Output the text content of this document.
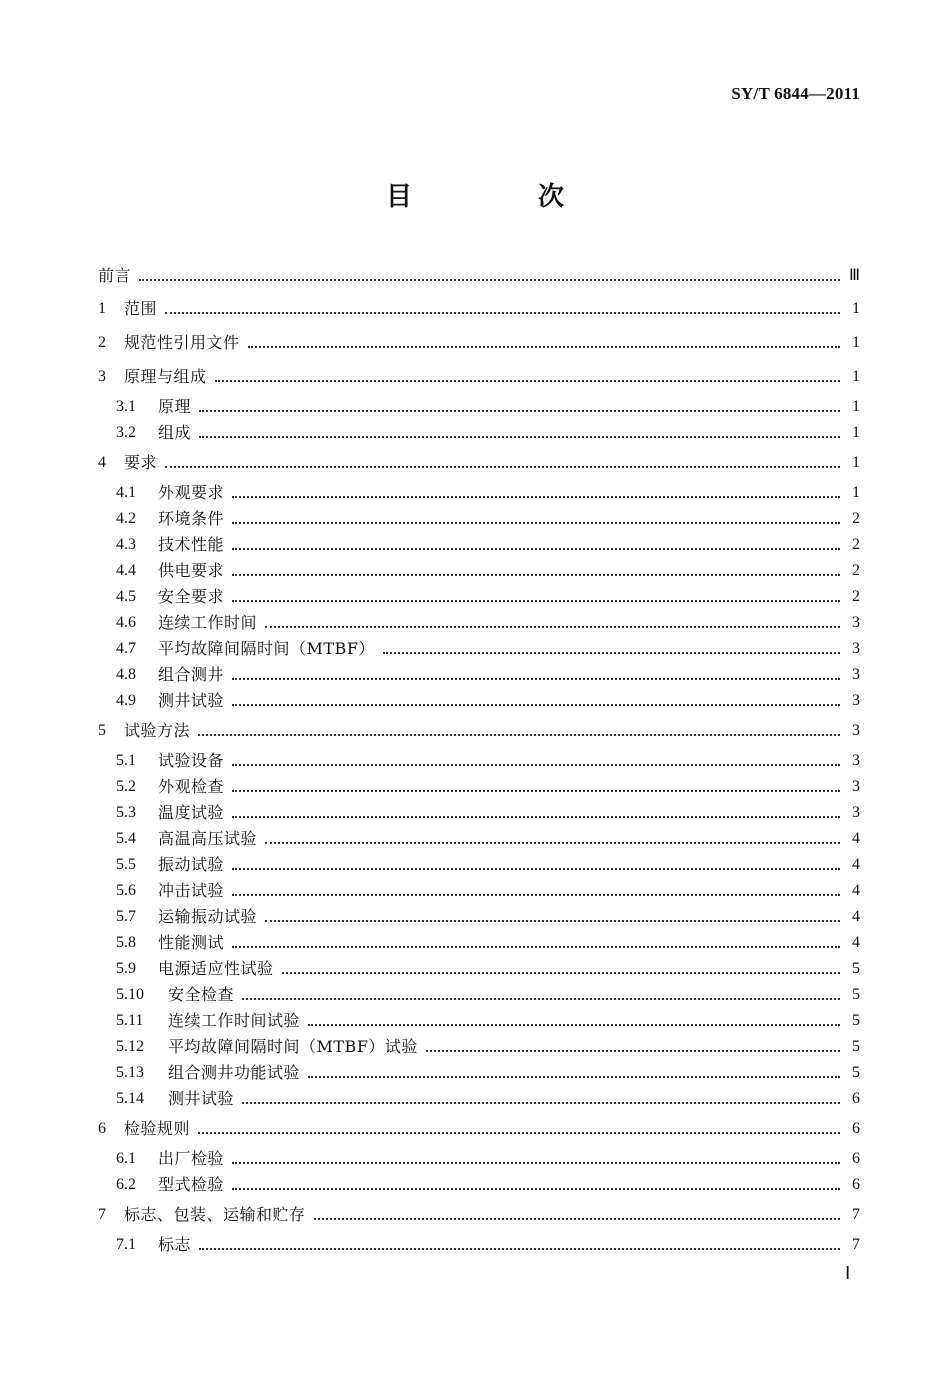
SY/T 6844—2011
目　次
前言	Ⅲ
1	范围	1
2	规范性引用文件	1
3	原理与组成	1
3.1	原理	1
3.2	组成	1
4	要求	1
4.1	外观要求	1
4.2	环境条件	2
4.3	技术性能	2
4.4	供电要求	2
4.5	安全要求	2
4.6	连续工作时间	3
4.7	平均故障间隔时间（MTBF）	3
4.8	组合测井	3
4.9	测井试验	3
5	试验方法	3
5.1	试验设备	3
5.2	外观检查	3
5.3	温度试验	3
5.4	高温高压试验	4
5.5	振动试验	4
5.6	冲击试验	4
5.7	运输振动试验	4
5.8	性能测试	4
5.9	电源适应性试验	5
5.10	安全检查	5
5.11	连续工作时间试验	5
5.12	平均故障间隔时间（MTBF）试验	5
5.13	组合测井功能试验	5
5.14	测井试验	6
6	检验规则	6
6.1	出厂检验	6
6.2	型式检验	6
7	标志、包装、运输和贮存	7
7.1	标志	7
Ⅰ
